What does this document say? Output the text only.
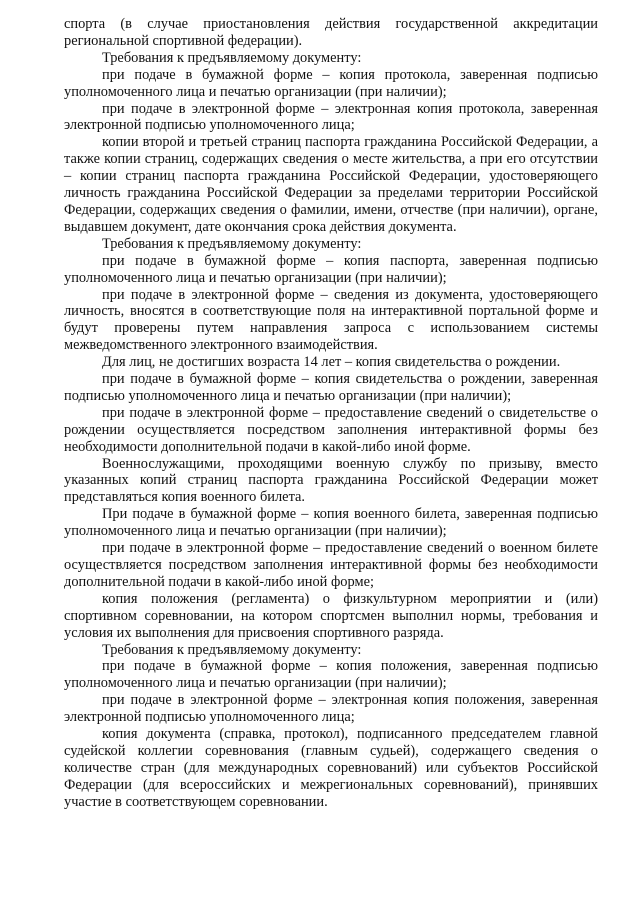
спорта (в случае приостановления действия государственной аккредитации региональной спортивной федерации).

Требования к предъявляемому документу:

при подаче в бумажной форме – копия протокола, заверенная подписью уполномоченного лица и печатью организации (при наличии);

при подаче в электронной форме – электронная копия протокола, заверенная электронной подписью уполномоченного лица;

копии второй и третьей страниц паспорта гражданина Российской Федерации, а также копии страниц, содержащих сведения о месте жительства, а при его отсутствии – копии страниц паспорта гражданина Российской Федерации, удостоверяющего личность гражданина Российской Федерации за пределами территории Российской Федерации, содержащих сведения о фамилии, имени, отчестве (при наличии), органе, выдавшем документ, дате окончания срока действия документа.

Требования к предъявляемому документу:

при подаче в бумажной форме – копия паспорта, заверенная подписью уполномоченного лица и печатью организации (при наличии);

при подаче в электронной форме – сведения из документа, удостоверяющего личность, вносятся в соответствующие поля на интерактивной портальной форме и будут проверены путем направления запроса с использованием системы межведомственного электронного взаимодействия.

Для лиц, не достигших возраста 14 лет – копия свидетельства о рождении.

при подаче в бумажной форме – копия свидетельства о рождении, заверенная подписью уполномоченного лица и печатью организации (при наличии);

при подаче в электронной форме – предоставление сведений о свидетельстве о рождении осуществляется посредством заполнения интерактивной формы без необходимости дополнительной подачи в какой-либо иной форме.

Военнослужащими, проходящими военную службу по призыву, вместо указанных копий страниц паспорта гражданина Российской Федерации может представляться копия военного билета.

При подаче в бумажной форме – копия военного билета, заверенная подписью уполномоченного лица и печатью организации (при наличии);

при подаче в электронной форме – предоставление сведений о военном билете осуществляется посредством заполнения интерактивной формы без необходимости дополнительной подачи в какой-либо иной форме;

копия положения (регламента) о физкультурном мероприятии и (или) спортивном соревновании, на котором спортсмен выполнил нормы, требования и условия их выполнения для присвоения спортивного разряда.

Требования к предъявляемому документу:

при подаче в бумажной форме – копия положения, заверенная подписью уполномоченного лица и печатью организации (при наличии);

при подаче в электронной форме – электронная копия положения, заверенная электронной подписью уполномоченного лица;

копия документа (справка, протокол), подписанного председателем главной судейской коллегии соревнования (главным судьей), содержащего сведения о количестве стран (для международных соревнований) или субъектов Российской Федерации (для всероссийских и межрегиональных соревнований), принявших участие в соответствующем соревновании.
